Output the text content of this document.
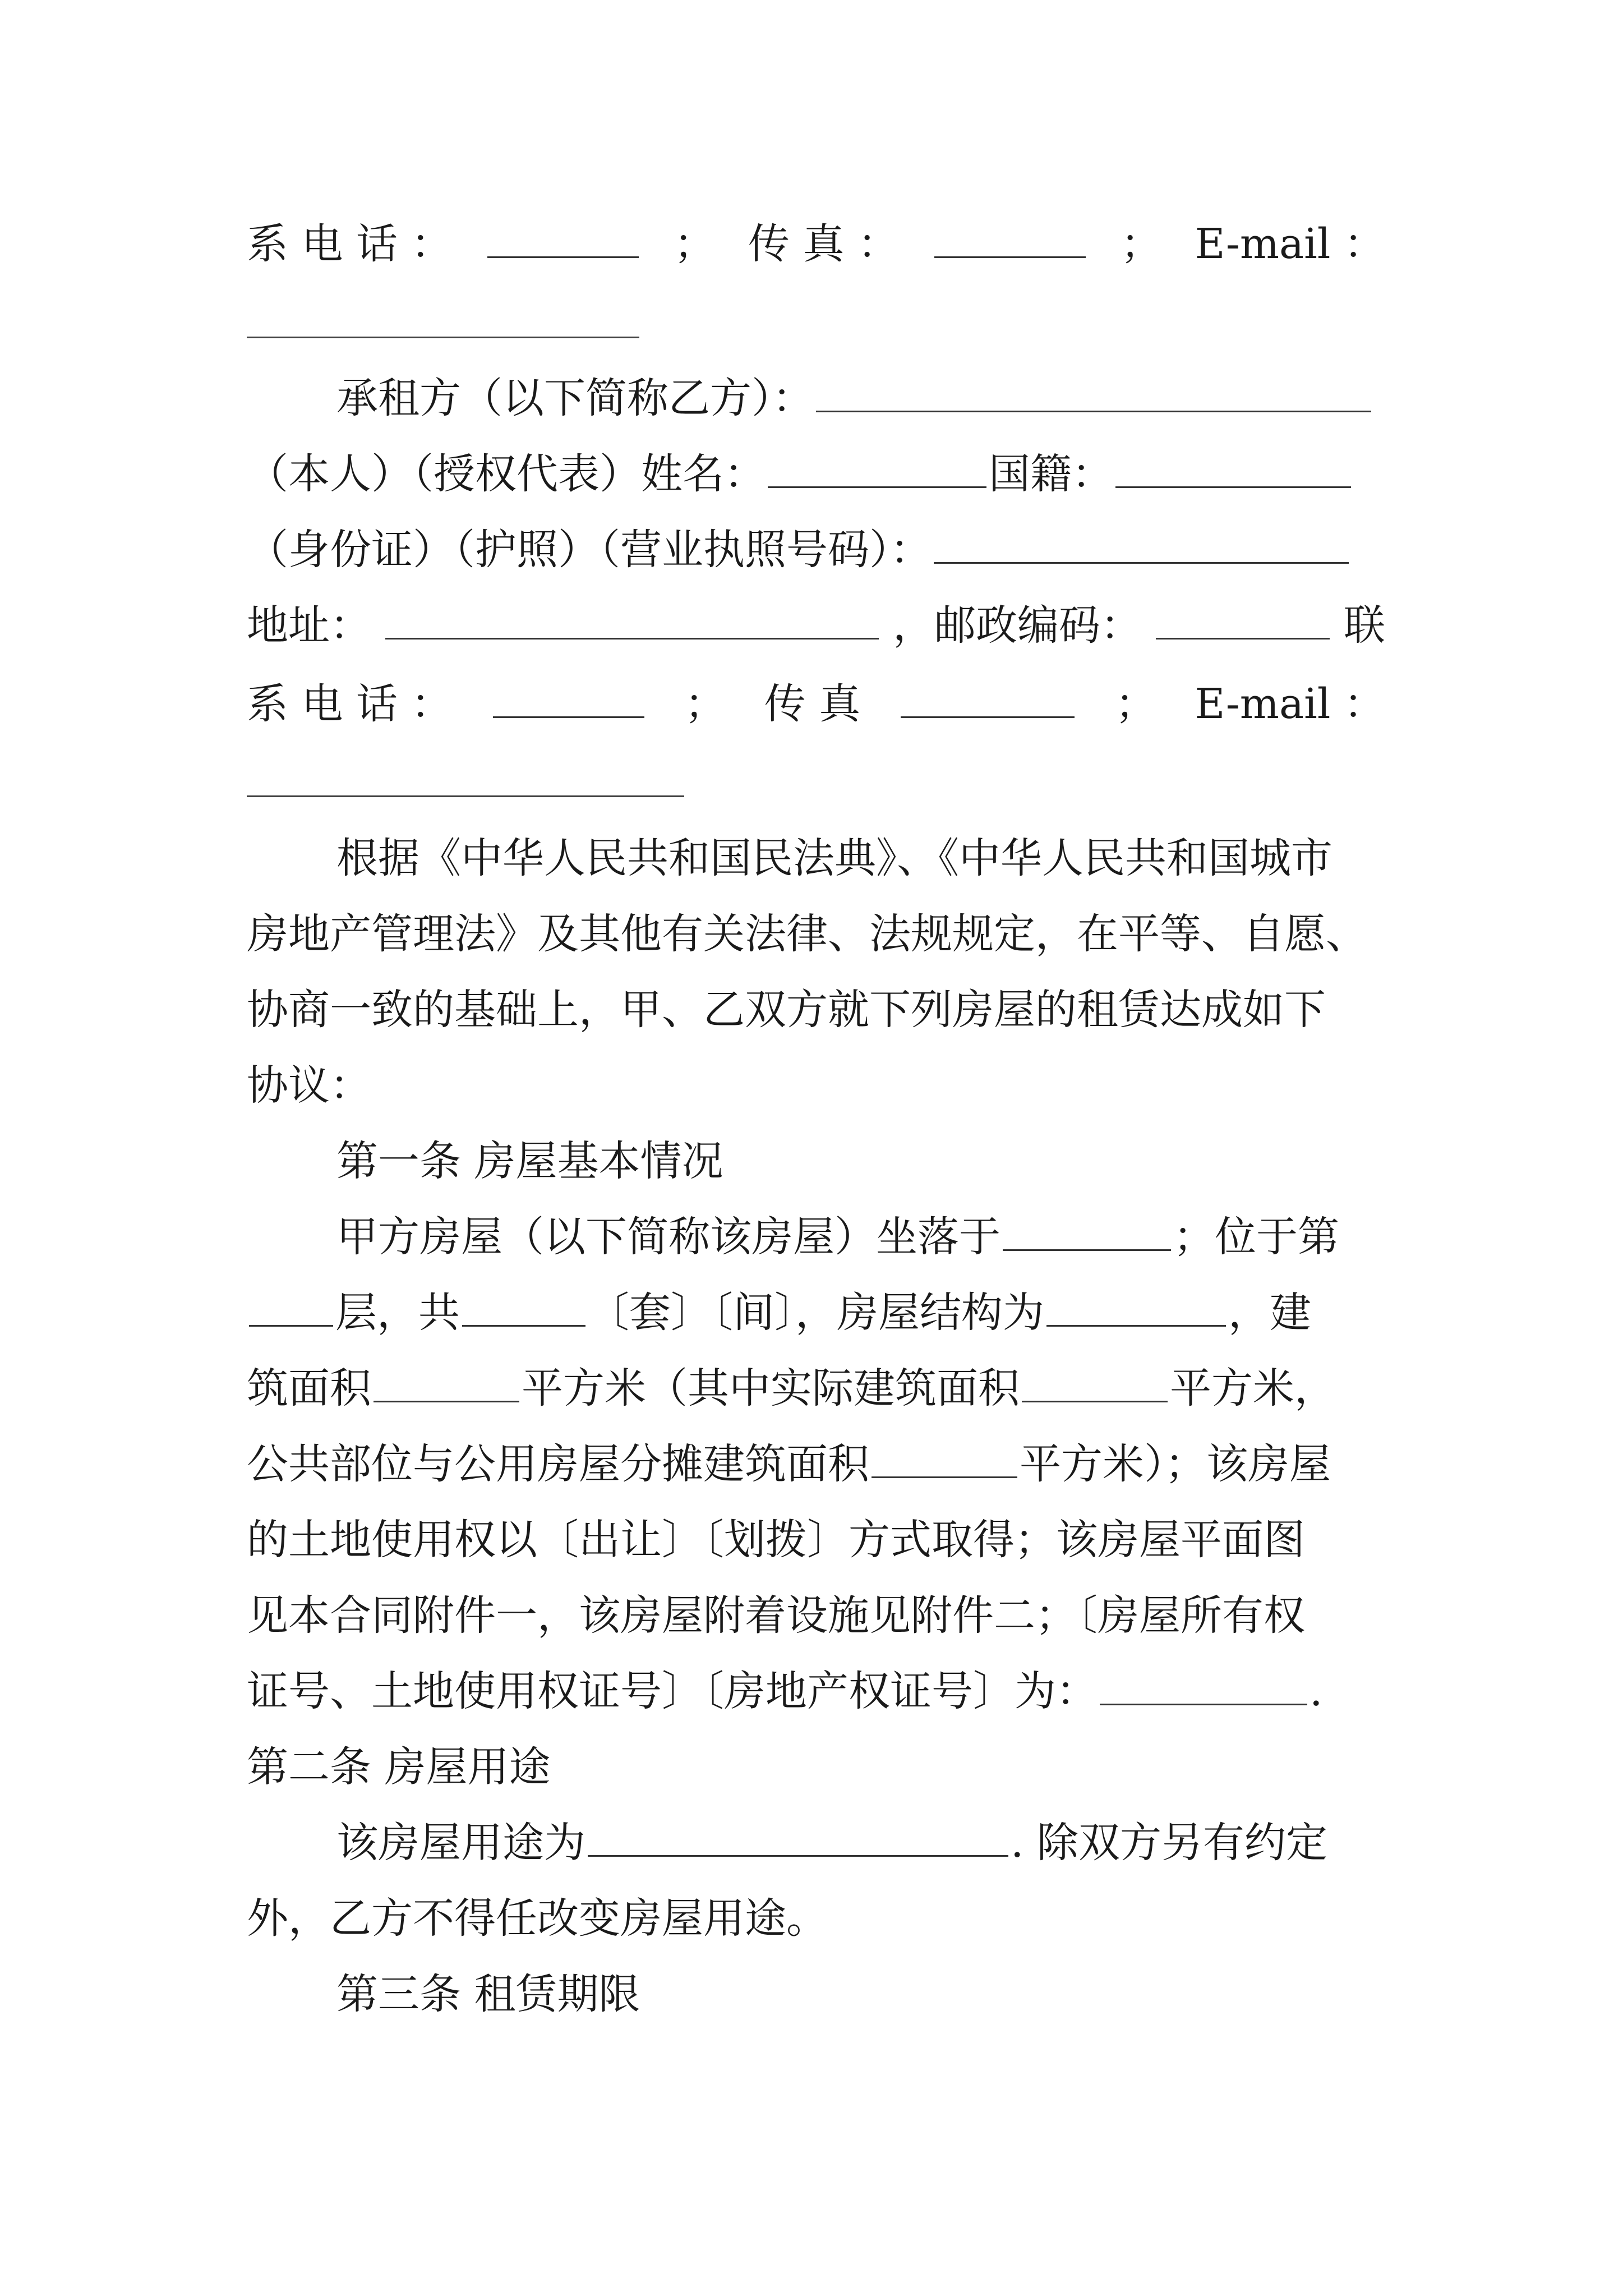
系 电 话 ：	； 传 真 ：	； E-mail ：
承租方（以下简称乙方）：
（本人）（授权代表）姓名：	国籍：
（身份证）（护照）（营业执照号码）：
地址：	，邮政编码：	联
系 电 话 ：	； 传 真	； E-mail ：
根据《中华人民共和国民法典》、《中华人民共和国城市
房地产管理法》及其他有关法律、法规规定，在平等、自愿、
协商一致的基础上，甲、乙双方就下列房屋的租赁达成如下
协议：
第一条 房屋基本情况
甲方房屋（以下简称该房屋）坐落于	；位于第
层，共	〔套〕〔间〕，房屋结构为	，建
筑面积	平方米（其中实际建筑面积	平方米，
公共部位与公用房屋分摊建筑面积	平方米）；该房屋
的土地使用权以〔出让〕〔划拨〕方式取得；该房屋平面图
见本合同附件一，该房屋附着设施见附件二；〔房屋所有权
证号、土地使用权证号〕〔房地产权证号〕为：	.
第二条 房屋用途
该房屋用途为	. 除双方另有约定
外，乙方不得任改变房屋用途。
第三条 租赁期限
